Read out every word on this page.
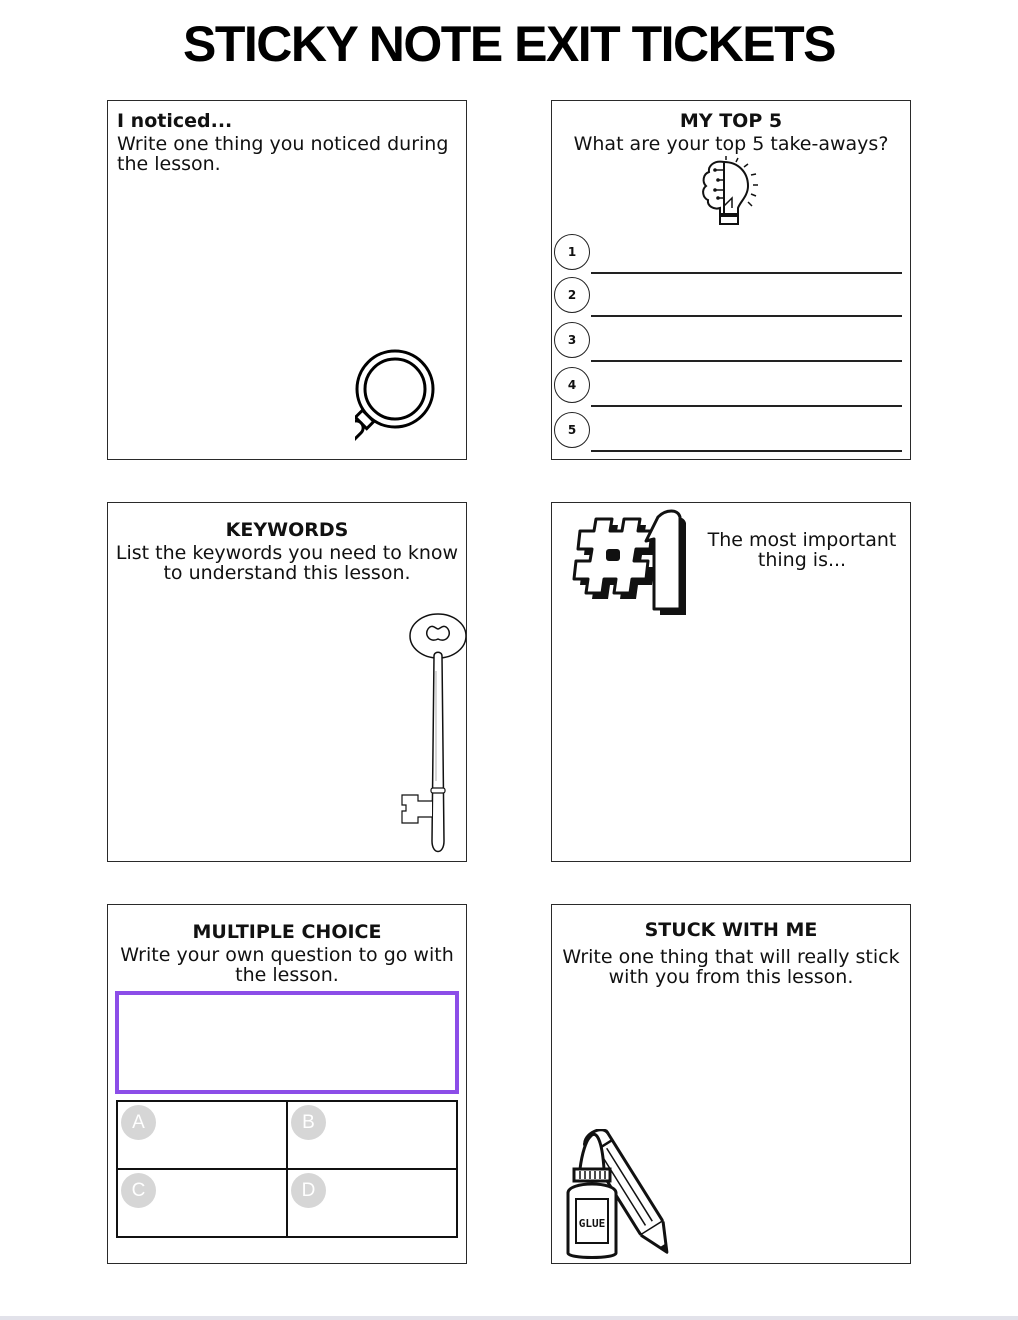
STICKY NOTE EXIT TICKETS
I noticed...
Write one thing you noticed during the lesson.
MY TOP 5
What are your top 5 take-aways?
1
2
3
4
5
KEYWORDS
List the keywords you need to know to understand this lesson.
The most important thing is...
MULTIPLE CHOICE
Write your own question to go with the lesson.
A	B
C	D
STUCK WITH ME
Write one thing that will really stick with you from this lesson.
GLUE
